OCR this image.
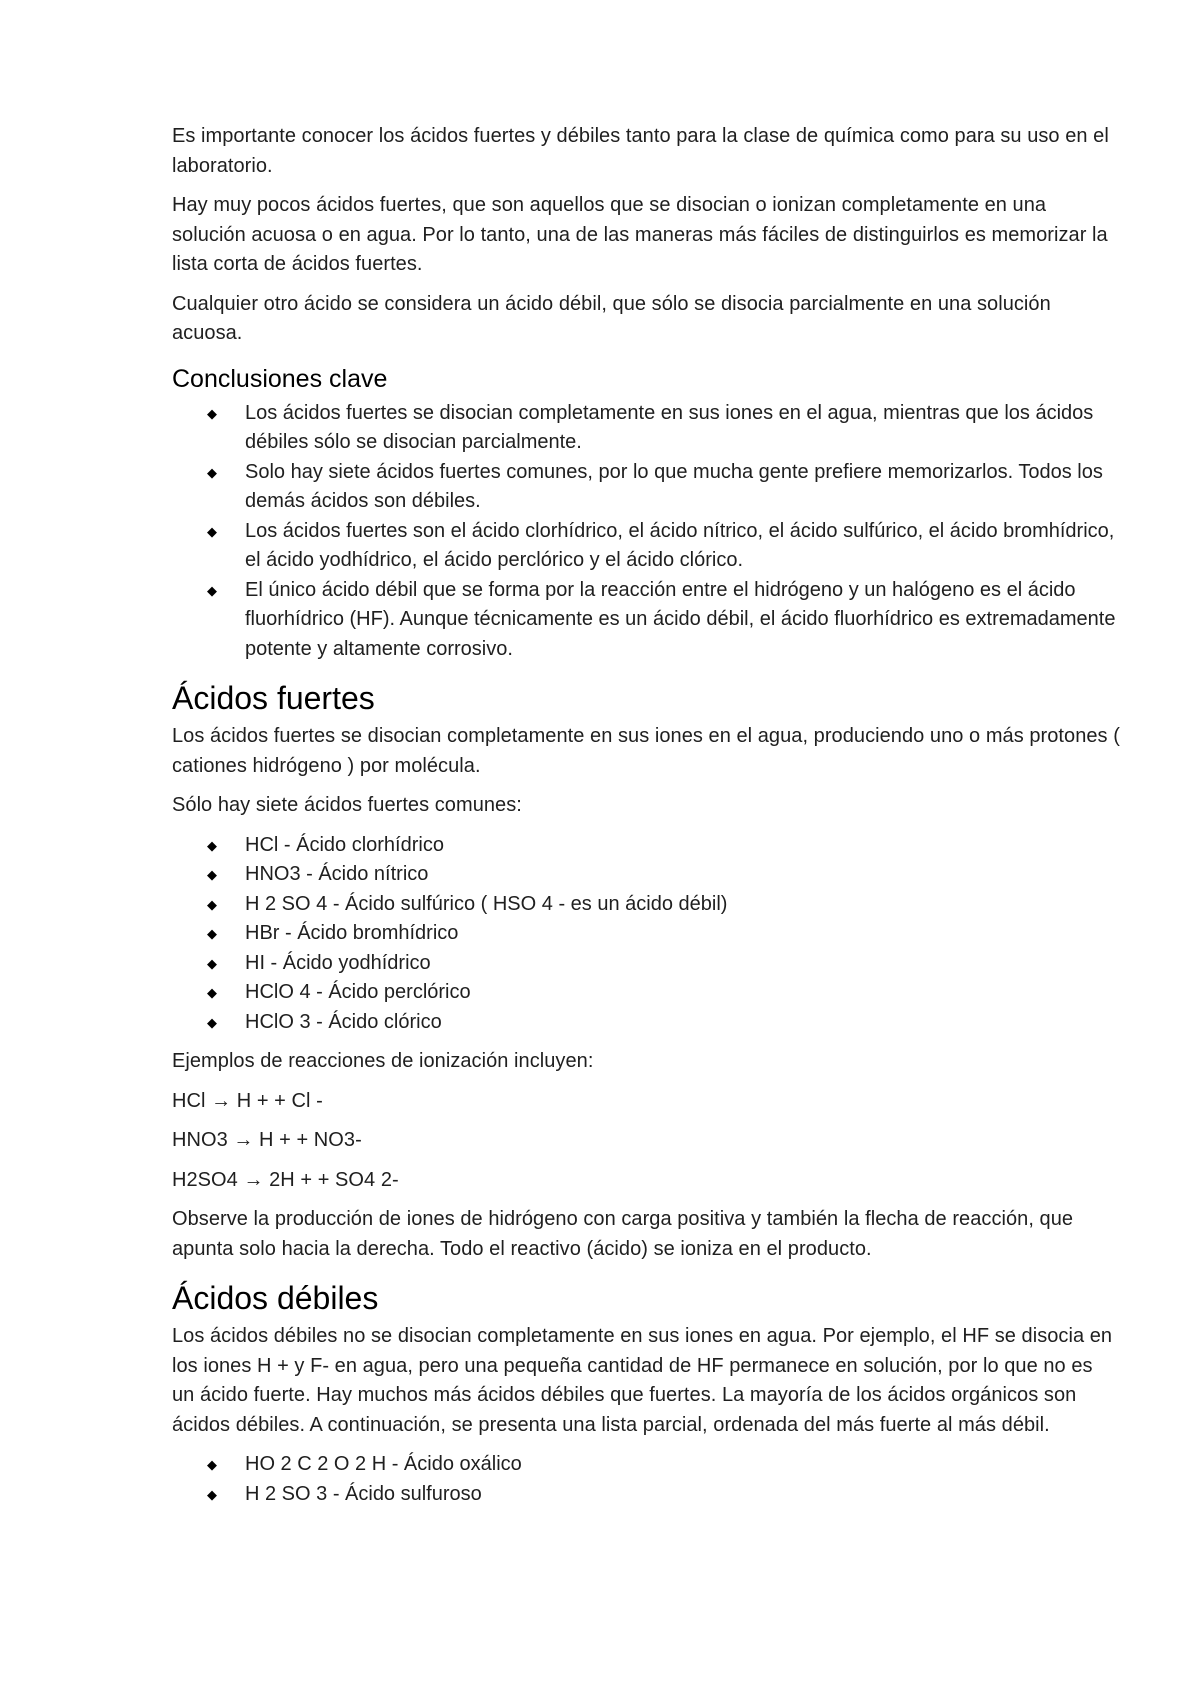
Es importante conocer los ácidos fuertes y débiles tanto para la clase de química como para su uso en el laboratorio.

Hay muy pocos ácidos fuertes, que son aquellos que se disocian o ionizan completamente en una solución acuosa o en agua. Por lo tanto, una de las maneras más fáciles de distinguirlos es memorizar la lista corta de ácidos fuertes.

Cualquier otro ácido se considera un ácido débil, que sólo se disocia parcialmente en una solución acuosa.

Conclusiones clave
◆ Los ácidos fuertes se disocian completamente en sus iones en el agua, mientras que los ácidos débiles sólo se disocian parcialmente.
◆ Solo hay siete ácidos fuertes comunes, por lo que mucha gente prefiere memorizarlos. Todos los demás ácidos son débiles.
◆ Los ácidos fuertes son el ácido clorhídrico, el ácido nítrico, el ácido sulfúrico, el ácido bromhídrico, el ácido yodhídrico, el ácido perclórico y el ácido clórico.
◆ El único ácido débil que se forma por la reacción entre el hidrógeno y un halógeno es el ácido fluorhídrico (HF). Aunque técnicamente es un ácido débil, el ácido fluorhídrico es extremadamente potente y altamente corrosivo.
Ácidos fuertes

Los ácidos fuertes se disocian completamente en sus iones en el agua, produciendo uno o más protones ( cationes hidrógeno ) por molécula.

Sólo hay siete ácidos fuertes comunes:

◆ HCl - Ácido clorhídrico
◆ HNO3 - Ácido nítrico
◆ H 2 SO 4 - Ácido sulfúrico ( HSO 4 - es un ácido débil)
◆ HBr - Ácido bromhídrico
◆ HI - Ácido yodhídrico
◆ HClO 4 - Ácido perclórico
◆ HClO 3 - Ácido clórico

Ejemplos de reacciones de ionización incluyen:

HCl → H + + Cl -

HNO3 → H + + NO3-

H2SO4 → 2H + + SO4 2-

Observe la producción de iones de hidrógeno con carga positiva y también la flecha de reacción, que apunta solo hacia la derecha. Todo el reactivo (ácido) se ioniza en el producto.

Ácidos débiles

Los ácidos débiles no se disocian completamente en sus iones en agua. Por ejemplo, el HF se disocia en los iones H + y F- en agua, pero una pequeña cantidad de HF permanece en solución, por lo que no es un ácido fuerte. Hay muchos más ácidos débiles que fuertes. La mayoría de los ácidos orgánicos son ácidos débiles. A continuación, se presenta una lista parcial, ordenada del más fuerte al más débil.

◆ HO 2 C 2 O 2 H - Ácido oxálico
◆ H 2 SO 3 - Ácido sulfuroso
